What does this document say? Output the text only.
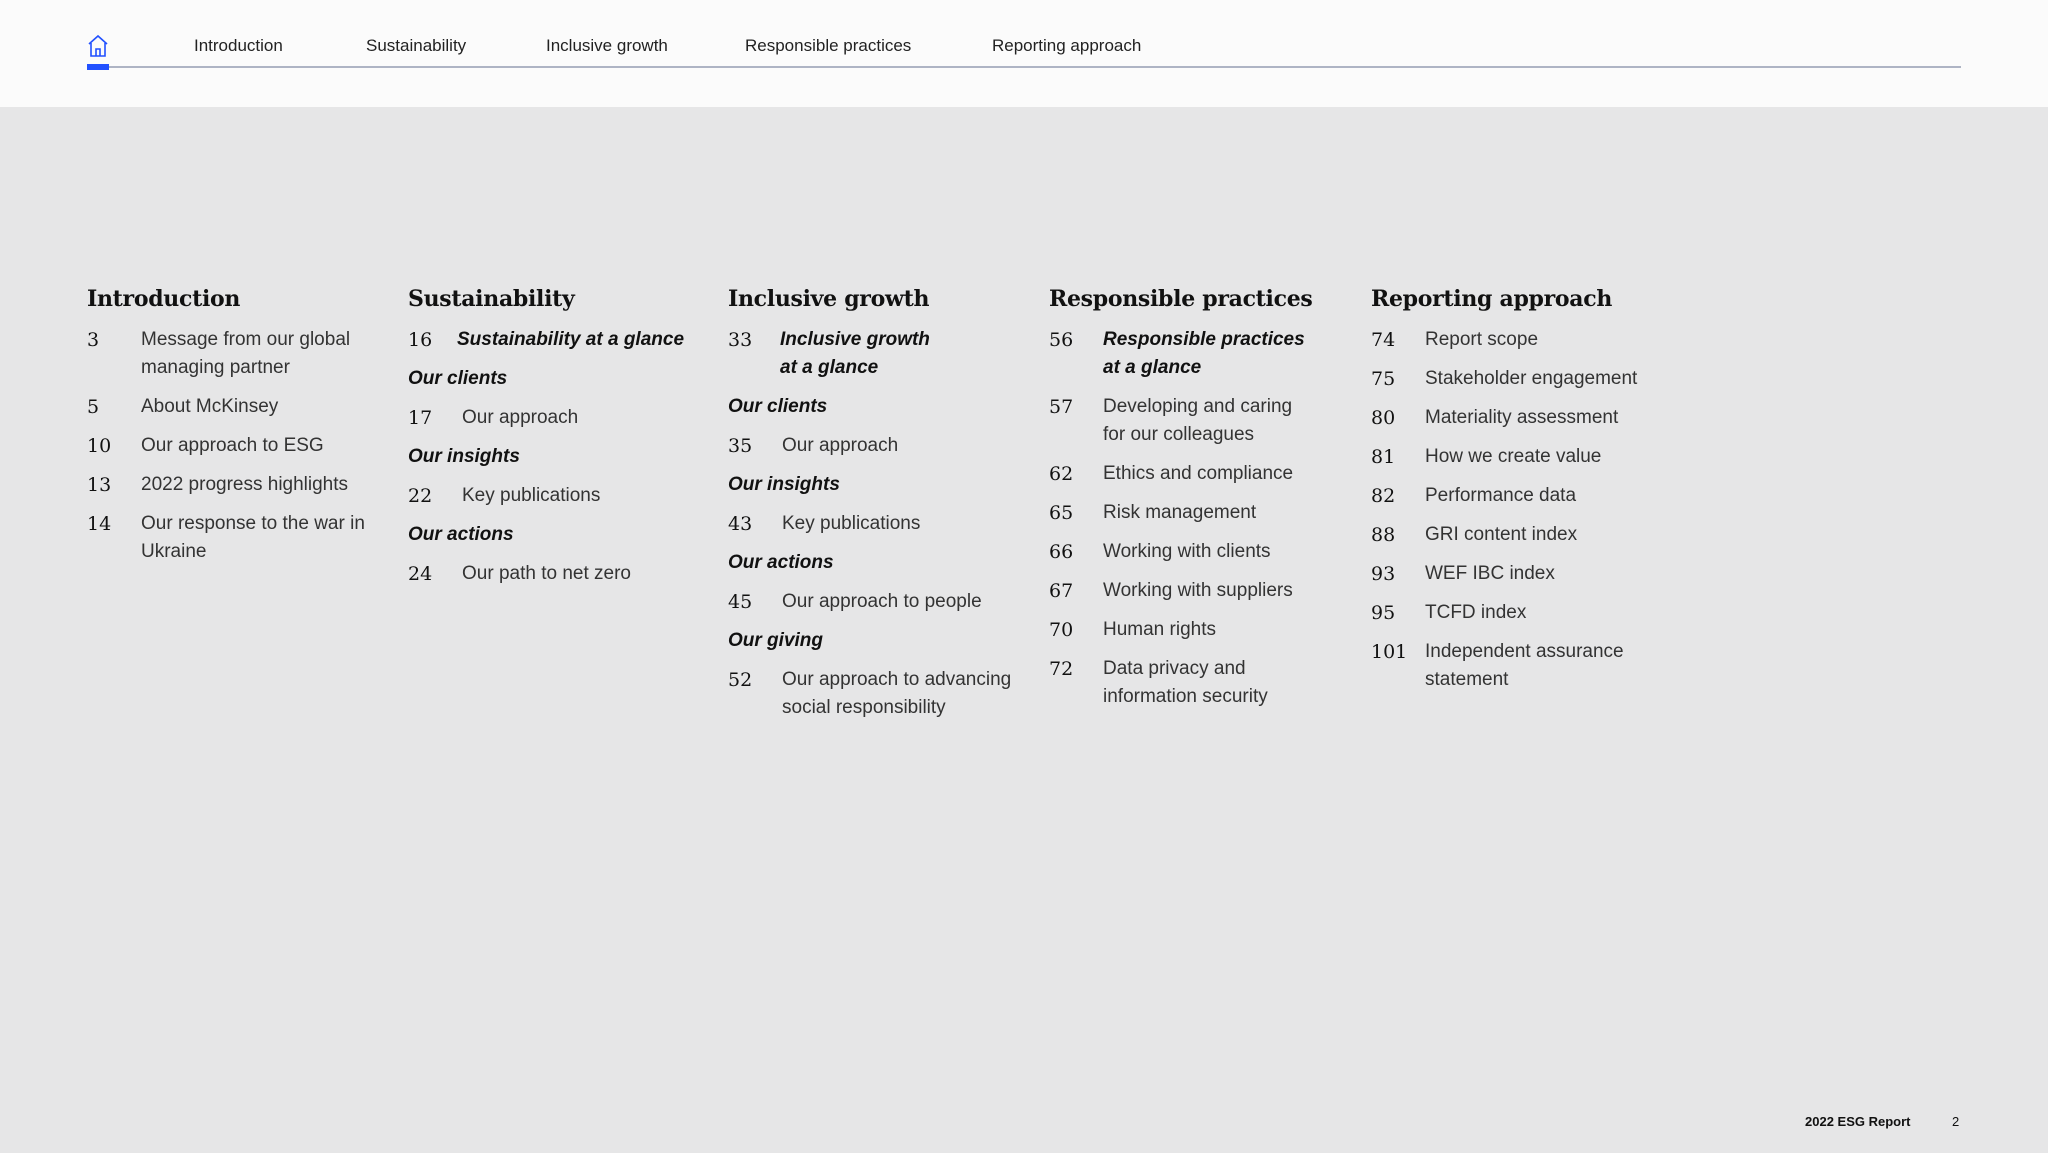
Introduction	Sustainability	Inclusive growth	Responsible practices	Reporting approach
Introduction
3	Message from our global managing partner
5	About McKinsey
10	Our approach to ESG
13	2022 progress highlights
14	Our response to the war in Ukraine
Sustainability
16	Sustainability at a glance
Our clients
17	Our approach
Our insights
22	Key publications
Our actions
24	Our path to net zero
Inclusive growth
33	Inclusive growth at a glance
Our clients
35	Our approach
Our insights
43	Key publications
Our actions
45	Our approach to people
Our giving
52	Our approach to advancing social responsibility
Responsible practices
56	Responsible practices at a glance
57	Developing and caring for our colleagues
62	Ethics and compliance
65	Risk management
66	Working with clients
67	Working with suppliers
70	Human rights
72	Data privacy and information security
Reporting approach
74	Report scope
75	Stakeholder engagement
80	Materiality assessment
81	How we create value
82	Performance data
88	GRI content index
93	WEF IBC index
95	TCFD index
101 Independent assurance statement
2022 ESG Report	2
